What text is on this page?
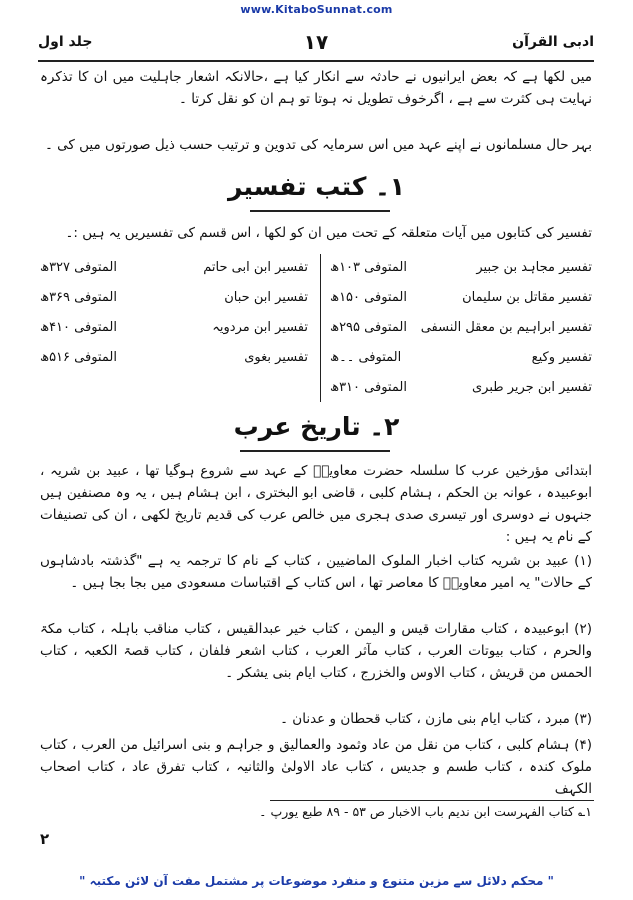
www.KitaboSunnat.com
ادبی القرآن
۱۷
جلد اول
میں لکھا ہے کہ بعض ایرانیوں نے حادثہ سے انکار کیا ہے ،حالانکہ اشعار جاہلیت میں ان کا تذکرہ نہایت ہی کثرت سے ہے ، اگرخوف تطویل نہ ہوتا تو ہم ان کو نقل کرتا ۔
بہر حال مسلمانوں نے اپنے عہد میں اس سرمایہ کی تدوین و ترتیب حسب ذیل صورتوں میں کی ۔
۱۔ کتب تفسیر
تفسیر کی کتابوں میں آیات متعلقہ کے تحت میں ان کو لکھا ، اس قسم کی تفسیریں یہ ہیں :۔
تفسیر مجاہد بن جبیر
المتوفی ۱۰۳ھ
تفسیر مقاتل بن سلیمان
المتوفی ۱۵۰ھ
تفسیر ابراہیم بن معقل النسفی
المتوفی ۲۹۵ھ
تفسیر وکیع
المتوفی ۔۔ھ
تفسیر ابن جریر طبری
المتوفی ۳۱۰ھ
تفسیر ابن ابی حاتم
المتوفی ۳۲۷ھ
تفسیر ابن حبان
المتوفی ۳۶۹ھ
تفسیر ابن مردویہ
المتوفی ۴۱۰ھ
تفسیر بغوی
المتوفی ۵۱۶ھ
۲۔ تاریخ عرب
ابتدائی مؤرخین عرب کا سلسلہ حضرت معاویہؓ کے عہد سے شروع ہوگیا تھا ، عبید بن شریہ ، ابوعبیدہ ، عوانہ بن الحکم ، ہشام کلبی ، قاضی ابو البختری ، ابن ہشام ہیں ، یہ وہ مصنفین ہیں جنہوں نے دوسری اور تیسری صدی ہجری میں خالص عرب کی قدیم تاریخ لکھی ، ان کی تصنیفات کے نام یہ ہیں :
(۱) عبید بن شریہ کتاب اخبار الملوک الماضیین ، کتاب کے نام کا ترجمہ یہ ہے "گذشتہ بادشاہوں کے حالات" یہ امیر معاویہؓ کا معاصر تھا ، اس کتاب کے اقتباسات مسعودی میں بجا بجا ہیں ۔
(۲) ابوعبیدہ ، کتاب مقارات قیس و الیمن ، کتاب خیر عبدالقیس ، کتاب مناقب باہلہ ، کتاب مکۃ والحرم ، کتاب بیوتات العرب ، کتاب مآثر العرب ، کتاب اشعر فلفان ، کتاب قصۃ الکعبہ ، کتاب الحمس من قریش ، کتاب الاوس والخزرج ، کتاب ایام بنی یشکر ۔
(۳) مبرد ، کتاب ایام بنی مازن ، کتاب قحطان و عدنان ۔
(۴) ہشام کلبی ، کتاب من نقل من عاد وثمود والعمالیق و جراہم و بنی اسرائیل من العرب ، کتاب ملوک کندہ ، کتاب طسم و جدیس ، کتاب عاد الاولیٰ والثانیہ ، کتاب تفرق عاد ، کتاب اصحاب الکہف
۱؎ کتاب الفہرست ابن ندیم باب الاخبار ص ۵۳ - ۸۹ طبع یورپ ۔
۲
" محکم دلائل سے مزین متنوع و منفرد موضوعات پر مشتمل مفت آن لائن مکتبہ "
